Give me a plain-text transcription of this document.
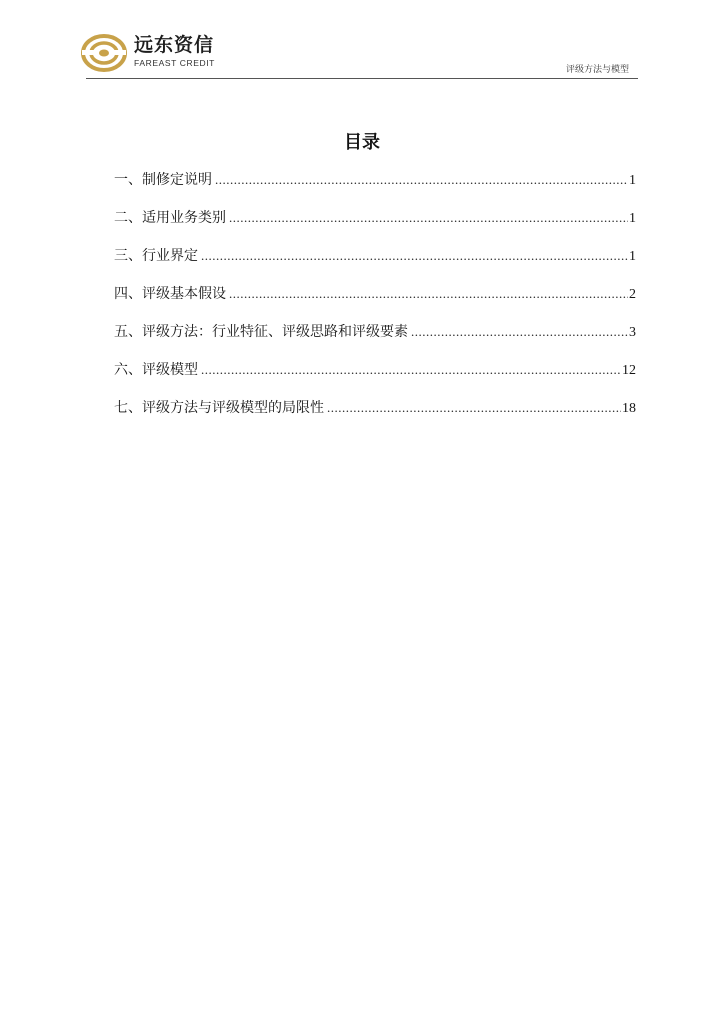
远东资信
FAREAST CREDIT
评级方法与模型
目录
一、制修定说明 .....	1
二、适用业务类别 .....	1
三、行业界定 .....	1
四、评级基本假设 .....	2
五、评级方法：行业特征、评级思路和评级要素 .....	3
六、评级模型 .....	12
七、评级方法与评级模型的局限性 .....	18
